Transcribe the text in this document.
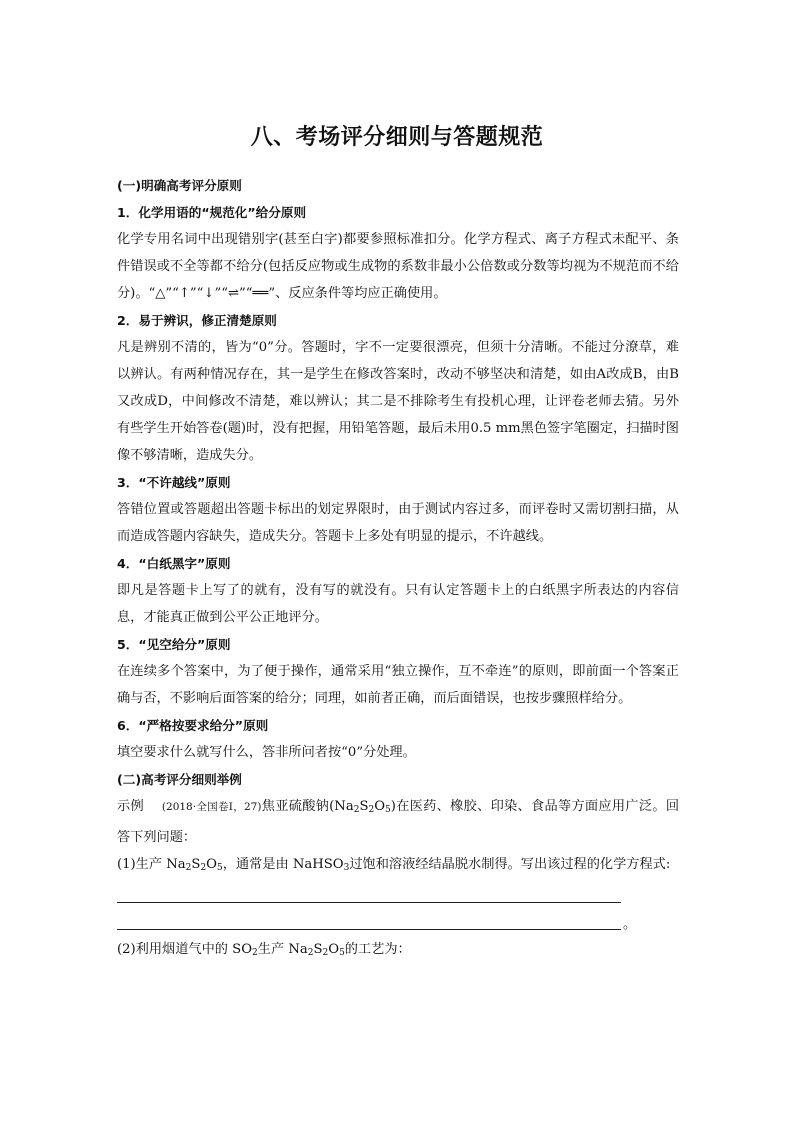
八、考场评分细则与答题规范

(一)明确高考评分原则

1．化学用语的“规范化”给分原则

化学专用名词中出现错别字(甚至白字)都要参照标准扣分。化学方程式、离子方程式未配平、条件错误或不全等都不给分(包括反应物或生成物的系数非最小公倍数或分数等均视为不规范而不给分)。“△”“↑”“↓”“⇌”“══”、反应条件等均应正确使用。

2．易于辨识，修正清楚原则

凡是辨别不清的，皆为“0”分。答题时，字不一定要很漂亮，但须十分清晰。不能过分潦草，难以辨认。有两种情况存在，其一是学生在修改答案时，改动不够坚决和清楚，如由A改成B，由B又改成D，中间修改不清楚，难以辨认；其二是不排除考生有投机心理，让评卷老师去猜。另外有些学生开始答卷(题)时，没有把握，用铅笔答题，最后未用0.5 mm黑色签字笔圈定，扫描时图像不够清晰，造成失分。

3．“不许越线”原则

答错位置或答题超出答题卡标出的划定界限时，由于测试内容过多，而评卷时又需切割扫描，从而造成答题内容缺失，造成失分。答题卡上多处有明显的提示，不许越线。

4．“白纸黑字”原则

即凡是答题卡上写了的就有，没有写的就没有。只有认定答题卡上的白纸黑字所表达的内容信息，才能真正做到公平公正地评分。

5．“见空给分”原则

在连续多个答案中，为了便于操作，通常采用“独立操作，互不牵连”的原则，即前面一个答案正确与否，不影响后面答案的给分；同理，如前者正确，而后面错误，也按步骤照样给分。

6．“严格按要求给分”原则

填空要求什么就写什么，答非所问者按“0”分处理。

(二)高考评分细则举例

示例 (2018·全国卷Ⅰ，27)焦亚硫酸钠$(Na_2S_2O_5)$在医药、橡胶、印染、食品等方面应用广泛。回答下列问题：

(1)生产 $Na_2S_2O_5$，通常是由 NaHSO$_3$过饱和溶液经结晶脱水制得。写出该过程的化学方程式:

。

(2)利用烟道气中的 $SO_2$生产 $Na_2S_2O_5$的工艺为：
